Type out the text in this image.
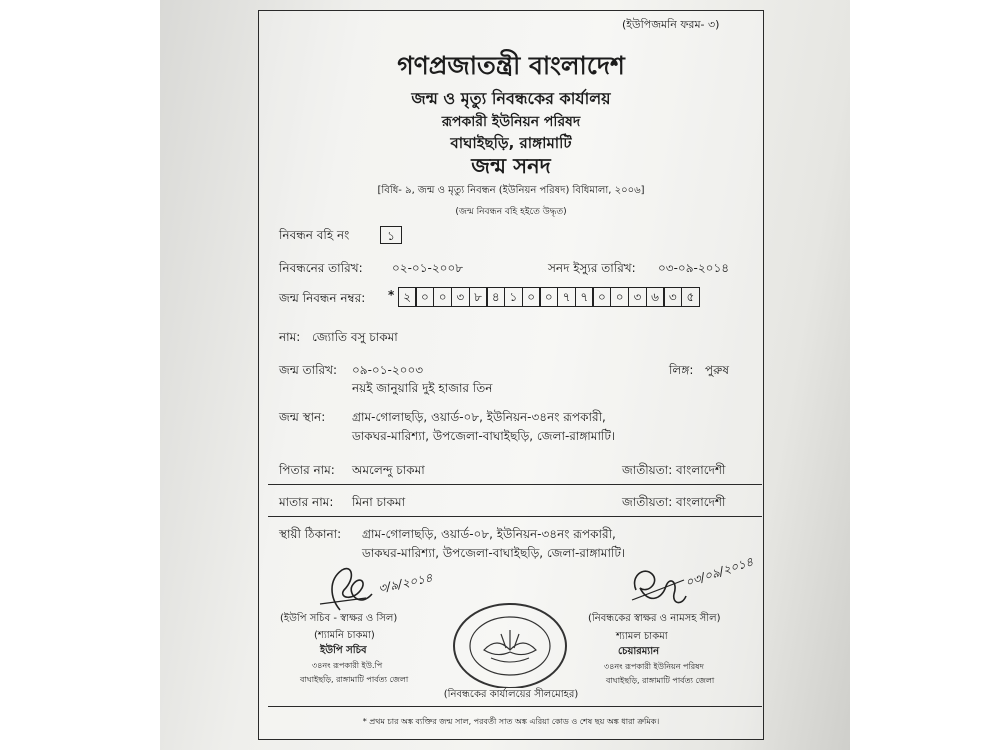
(ইউপিজমনি ফরম- ৩)
গণপ্রজাতন্ত্রী বাংলাদেশ
জন্ম ও মৃত্যু নিবন্ধকের কার্যালয়
রূপকারী ইউনিয়ন পরিষদ
বাঘাইছড়ি, রাঙ্গামাটি
জন্ম সনদ
[বিধি- ৯, জন্ম ও মৃত্যু নিবন্ধন (ইউনিয়ন পরিষদ) বিধিমালা, ২০০৬]
(জন্ম নিবন্ধন বহি হইতে উদ্ধৃত)
নিবন্ধন বহি নং	১
নিবন্ধনের তারিখ: ০২-০১-২০০৮	সনদ ইস্যুর তারিখ: ০৩-০৯-২০১৪
জন্ম নিবন্ধন নম্বর: * ২ ০ ০ ৩ ৮ ৪ ১ ০ ০ ৭ ৭ ০ ০ ৩ ৬ ৩ ৫
নাম: জ্যোতি বসু চাকমা
জন্ম তারিখ: ০৯-০১-২০০৩
নয়ই জানুয়ারি দুই হাজার তিন
লিঙ্গ: পুরুষ
জন্ম স্থান: গ্রাম-গোলাছড়ি, ওয়ার্ড-০৮, ইউনিয়ন-৩৪নং রূপকারী,
ডাকঘর-মারিশ্যা, উপজেলা-বাঘাইছড়ি, জেলা-রাঙ্গামাটি।
পিতার নাম: অমলেন্দু চাকমা	জাতীয়তা: বাংলাদেশী
মাতার নাম: মিনা চাকমা	জাতীয়তা: বাংলাদেশী
স্থায়ী ঠিকানা: গ্রাম-গোলাছড়ি, ওয়ার্ড-০৮, ইউনিয়ন-৩৪নং রূপকারী,
ডাকঘর-মারিশ্যা, উপজেলা-বাঘাইছড়ি, জেলা-রাঙ্গামাটি।
৩/৯/২০১৪
(ইউপি সচিব - স্বাক্ষর ও সিল)
(শ্যামনি চাকমা)
ইউপি সচিব
৩৪নং রূপকারী ইউ.পি
বাঘাইছড়ি, রাঙ্গামাটি পার্বত্য জেলা
(নিবন্ধকের কার্যালয়ের সীলমোহর)
০৩/০৯/২০১৪
(নিবন্ধকের স্বাক্ষর ও নামসহ সীল)
শ্যামল চাকমা
চেয়ারম্যান
৩৪নং রূপকারী ইউনিয়ন পরিষদ
বাঘাইছড়ি, রাঙ্গামাটি পার্বত্য জেলা
* প্রথম চার অঙ্ক ব্যক্তির জন্ম সাল, পরবর্তী সাত অঙ্ক এরিয়া কোড ও শেষ ছয় অঙ্ক ধারা ক্রমিক।
